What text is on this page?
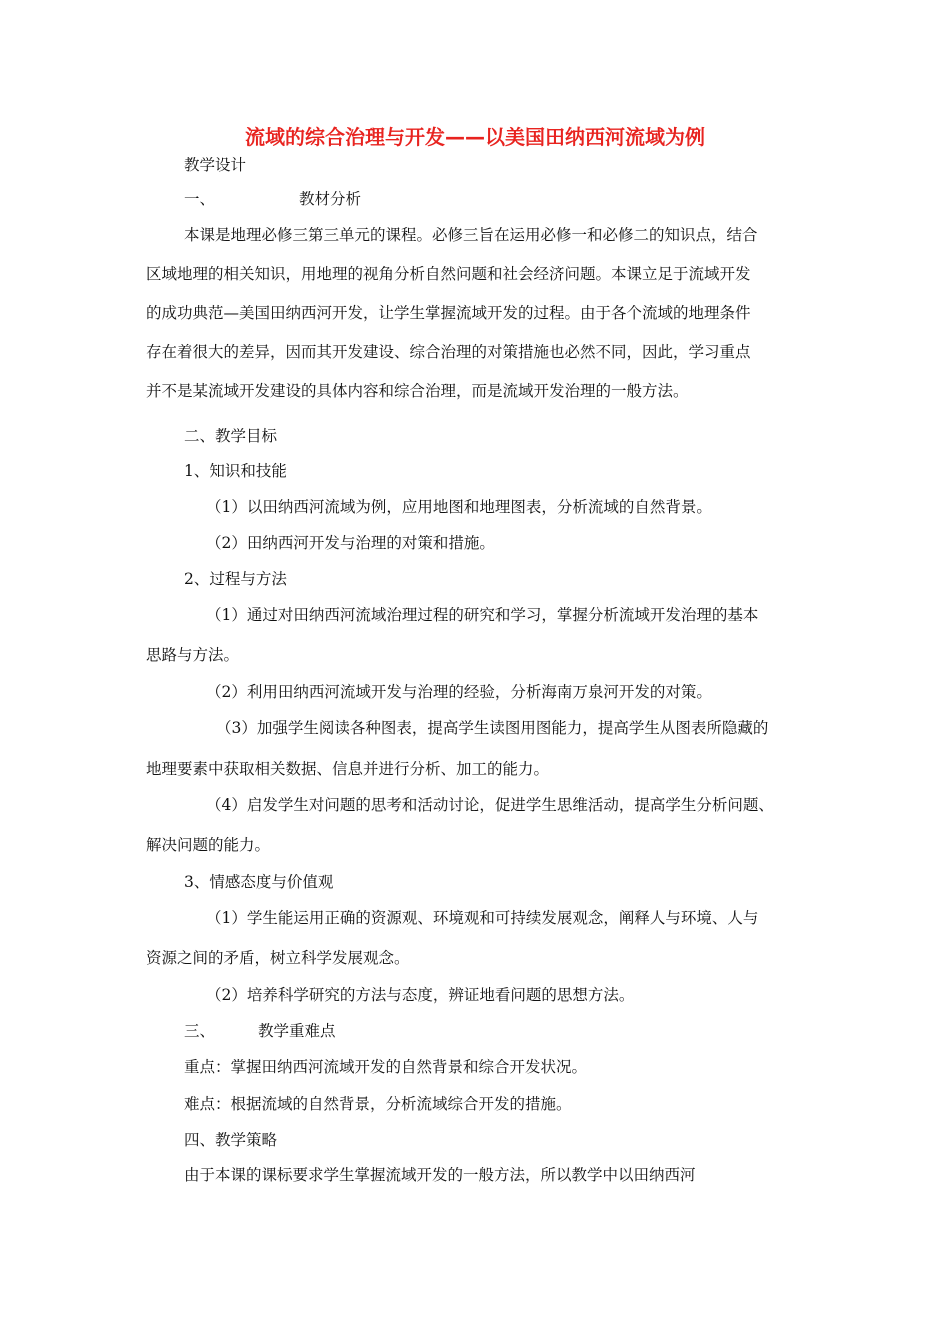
流域的综合治理与开发——以美国田纳西河流域为例
教学设计
一、	教材分析
本课是地理必修三第三单元的课程。必修三旨在运用必修一和必修二的知识点，结合
区域地理的相关知识，用地理的视角分析自然问题和社会经济问题。本课立足于流域开发
的成功典范—美国田纳西河开发，让学生掌握流域开发的过程。由于各个流域的地理条件
存在着很大的差异，因而其开发建设、综合治理的对策措施也必然不同，因此，学习重点
并不是某流域开发建设的具体内容和综合治理，而是流域开发治理的一般方法。
二、教学目标
1、知识和技能
（1）以田纳西河流域为例，应用地图和地理图表，分析流域的自然背景。
（2）田纳西河开发与治理的对策和措施。
2、过程与方法
（1）通过对田纳西河流域治理过程的研究和学习，掌握分析流域开发治理的基本
思路与方法。
（2）利用田纳西河流域开发与治理的经验，分析海南万泉河开发的对策。
（3）加强学生阅读各种图表，提高学生读图用图能力，提高学生从图表所隐藏的
地理要素中获取相关数据、信息并进行分析、加工的能力。
（4）启发学生对问题的思考和活动讨论，促进学生思维活动，提高学生分析问题、
解决问题的能力。
3、情感态度与价值观
（1）学生能运用正确的资源观、环境观和可持续发展观念，阐释人与环境、人与
资源之间的矛盾，树立科学发展观念。
（2）培养科学研究的方法与态度，辨证地看问题的思想方法。
三、	教学重难点
重点：掌握田纳西河流域开发的自然背景和综合开发状况。
难点：根据流域的自然背景，分析流域综合开发的措施。
四、教学策略
由于本课的课标要求学生掌握流域开发的一般方法，所以教学中以田纳西河
